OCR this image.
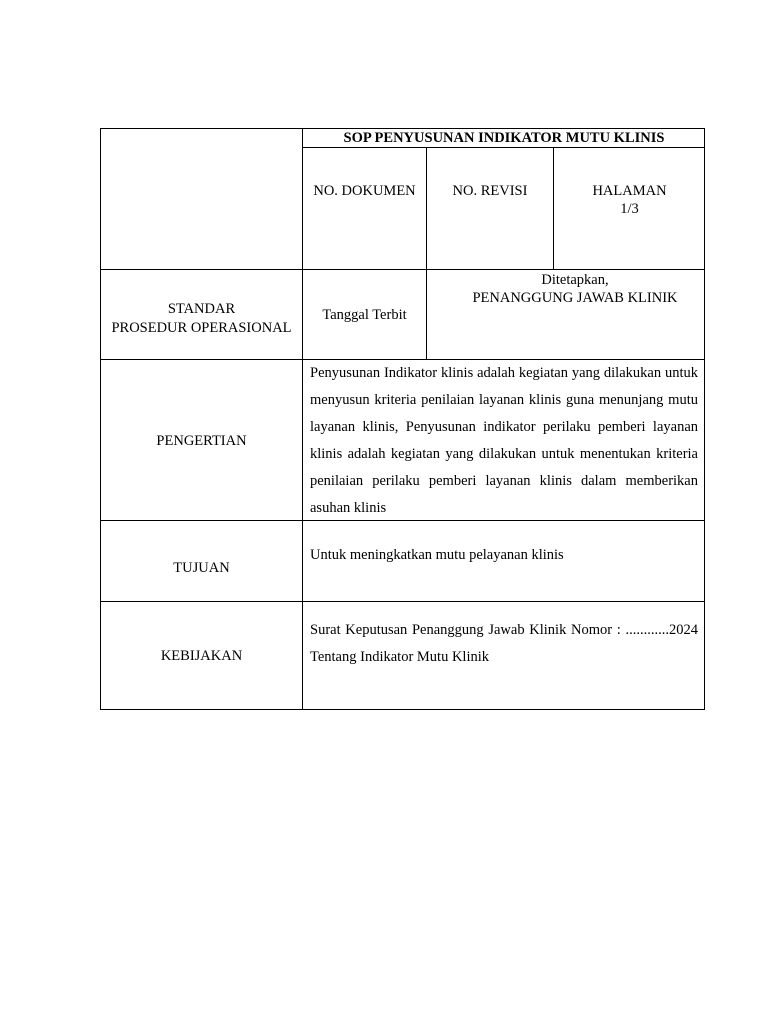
SOP PENYUSUNAN INDIKATOR MUTU KLINIS
NO. DOKUMEN	NO. REVISI	HALAMAN
1/3
STANDAR
PROSEDUR OPERASIONAL
Tanggal Terbit
Ditetapkan,
PENANGGUNG JAWAB KLINIK
PENGERTIAN
Penyusunan Indikator klinis adalah kegiatan yang dilakukan untuk menyusun kriteria penilaian layanan klinis guna menunjang mutu layanan klinis, Penyusunan indikator perilaku pemberi layanan klinis adalah kegiatan yang dilakukan untuk menentukan kriteria penilaian perilaku pemberi layanan klinis dalam memberikan asuhan klinis
TUJUAN
Untuk meningkatkan mutu pelayanan klinis
KEBIJAKAN
Surat Keputusan Penanggung Jawab Klinik Nomor : ............2024 Tentang Indikator Mutu Klinik
